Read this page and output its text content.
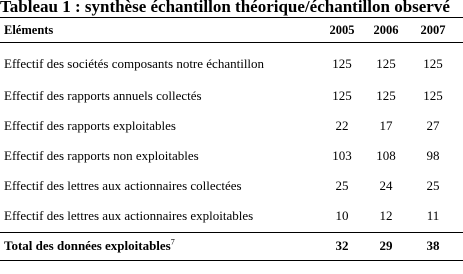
Tableau 1 : synthèse échantillon théorique/échantillon observé
Eléments	2005	2006	2007
Effectif des sociétés composants notre échantillon	125	125	125
Effectif des rapports annuels collectés	125	125	125
Effectif des rapports exploitables	22	17	27
Effectif des rapports non exploitables	103	108	98
Effectif des lettres aux actionnaires collectées	25	24	25
Effectif des lettres aux actionnaires exploitables	10	12	11
Total des données exploitables$^7$	32	29	38
